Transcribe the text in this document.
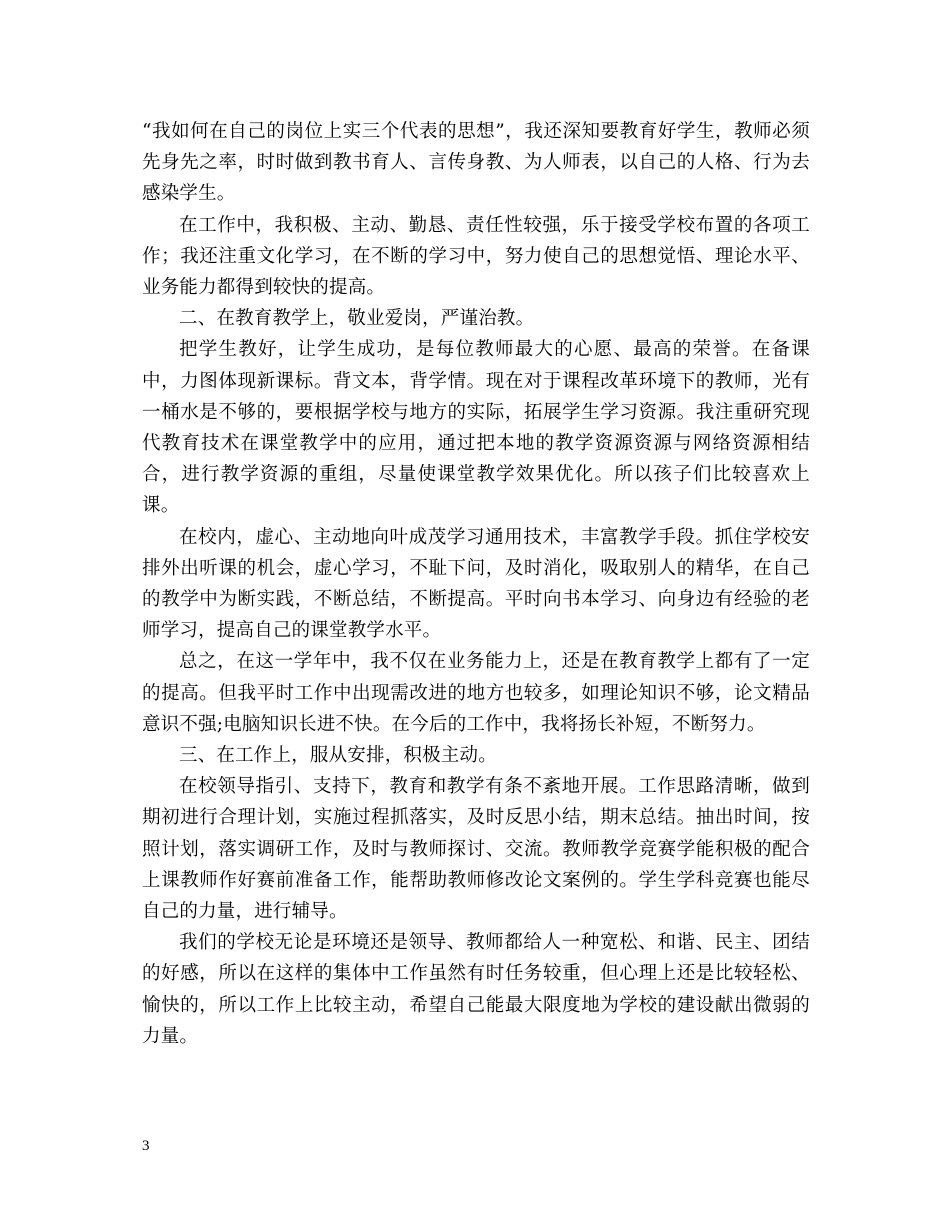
“我如何在自己的岗位上实三个代表的思想”，我还深知要教育好学生，教师必须先身先之率，时时做到教书育人、言传身教、为人师表，以自己的人格、行为去感染学生。

在工作中，我积极、主动、勤恳、责任性较强，乐于接受学校布置的各项工作；我还注重文化学习，在不断的学习中，努力使自己的思想觉悟、理论水平、业务能力都得到较快的提高。

二、在教育教学上，敬业爱岗，严谨治教。

把学生教好，让学生成功，是每位教师最大的心愿、最高的荣誉。在备课中，力图体现新课标。背文本，背学情。现在对于课程改革环境下的教师，光有一桶水是不够的，要根据学校与地方的实际，拓展学生学习资源。我注重研究现代教育技术在课堂教学中的应用，通过把本地的教学资源资源与网络资源相结合，进行教学资源的重组，尽量使课堂教学效果优化。所以孩子们比较喜欢上课。

在校内，虚心、主动地向叶成茂学习通用技术，丰富教学手段。抓住学校安排外出听课的机会，虚心学习，不耻下问，及时消化，吸取别人的精华，在自己的教学中为断实践，不断总结，不断提高。平时向书本学习、向身边有经验的老师学习，提高自己的课堂教学水平。

总之，在这一学年中，我不仅在业务能力上，还是在教育教学上都有了一定的提高。但我平时工作中出现需改进的地方也较多，如理论知识不够，论文精品意识不强;电脑知识长进不快。在今后的工作中，我将扬长补短，不断努力。

三、在工作上，服从安排，积极主动。

在校领导指引、支持下，教育和教学有条不紊地开展。工作思路清晰，做到期初进行合理计划，实施过程抓落实，及时反思小结，期末总结。抽出时间，按照计划，落实调研工作，及时与教师探讨、交流。教师教学竞赛学能积极的配合上课教师作好赛前准备工作，能帮助教师修改论文案例的。学生学科竞赛也能尽自己的力量，进行辅导。

我们的学校无论是环境还是领导、教师都给人一种宽松、和谐、民主、团结的好感，所以在这样的集体中工作虽然有时任务较重，但心理上还是比较轻松、愉快的，所以工作上比较主动，希望自己能最大限度地为学校的建设献出微弱的力量。

3
